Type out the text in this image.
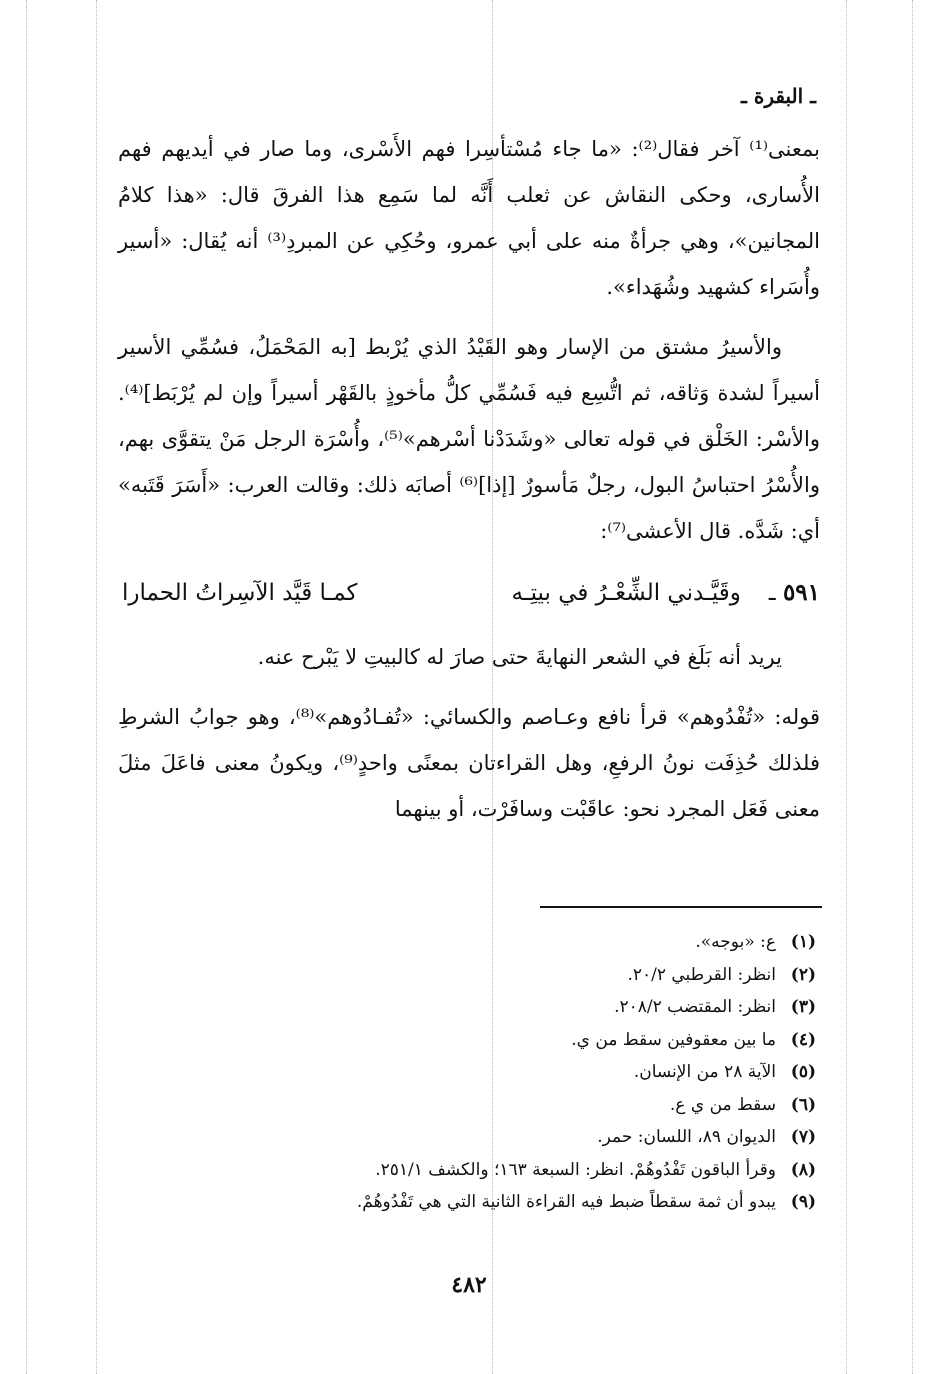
ـ البقرة ـ

بمعنى⁽¹⁾ آخر فقال⁽²⁾: «ما جاء مُسْتأسِرا فهم الأَسْرى، وما صار في أيديهم فهم الأُسارى، وحكى النقاش عن ثعلب أَنَّه لما سَمِع هذا الفرقَ قال: «هذا كلامُ المجانين»، وهي جرأةٌ منه على أبي عمرو، وحُكِي عن المبردِ⁽³⁾ أنه يُقال: «أسير وأُسَراء كشهيد وشُهَداء».

والأسيرُ مشتق من الإسار وهو القَيْدُ الذي يُرْبط [به المَحْمَلُ، فسُمِّي الأسير أسيراً لشدة وَثاقه، ثم اتُّسِع فيه فَسُمِّي كلُّ مأخوذٍ بالقَهْر أسيراً وإن لم يُرْبَط]⁽⁴⁾. والأسْر: الخَلْق في قوله تعالى «وشَدَدْنا أسْرهم»⁽⁵⁾، وأُسْرَة الرجل مَنْ يتقوَّى بهم، والأُسْرُ احتباسُ البول، رجلٌ مَأسورٌ [إذا]⁽⁶⁾ أصابَه ذلك: وقالت العرب: «أَسَرَ قَتَبه» أي: شَدَّه. قال الأعشى⁽⁷⁾:

٥٩١ ـ
وقَيَّـدني الشِّعْـرُ في بيتِـه
كمـا قَيَّد الآسِراتُ الحمارا

يريد أنه بَلَغ في الشعر النهايةَ حتى صارَ له كالبيتِ لا يَبْرح عنه.

قوله: «تُفْدُوهم» قرأ نافع وعـاصم والكسائي: «تُفـادُوهم»⁽⁸⁾، وهو جوابُ الشرطِ فلذلك حُذِفَت نونُ الرفعِ، وهل القراءتان بمعنًى واحدٍ⁽⁹⁾، ويكونُ معنى فاعَلَ مثلَ معنى فَعَل المجرد نحو: عاقَبْت وسافَرْت، أو بينهما

(١)
ع: «بوجه».
(٢)
انظر: القرطبي ٢٠/٢.
(٣)
انظر: المقتضب ٢٠٨/٢.
(٤)
ما بين معقوفين سقط من ي.
(٥)
الآية ٢٨ من الإنسان.
(٦)
سقط من ي ع.
(٧)
الديوان ٨٩، اللسان: حمر.
(٨)
وقرأ الباقون تَفْدُوهُمْ. انظر: السبعة ١٦٣؛ والكشف ٢٥١/١.
(٩)
يبدو أن ثمة سقطاً ضبط فيه القراءة الثانية التي هي تَفْدُوهُمْ.
٤٨٢
